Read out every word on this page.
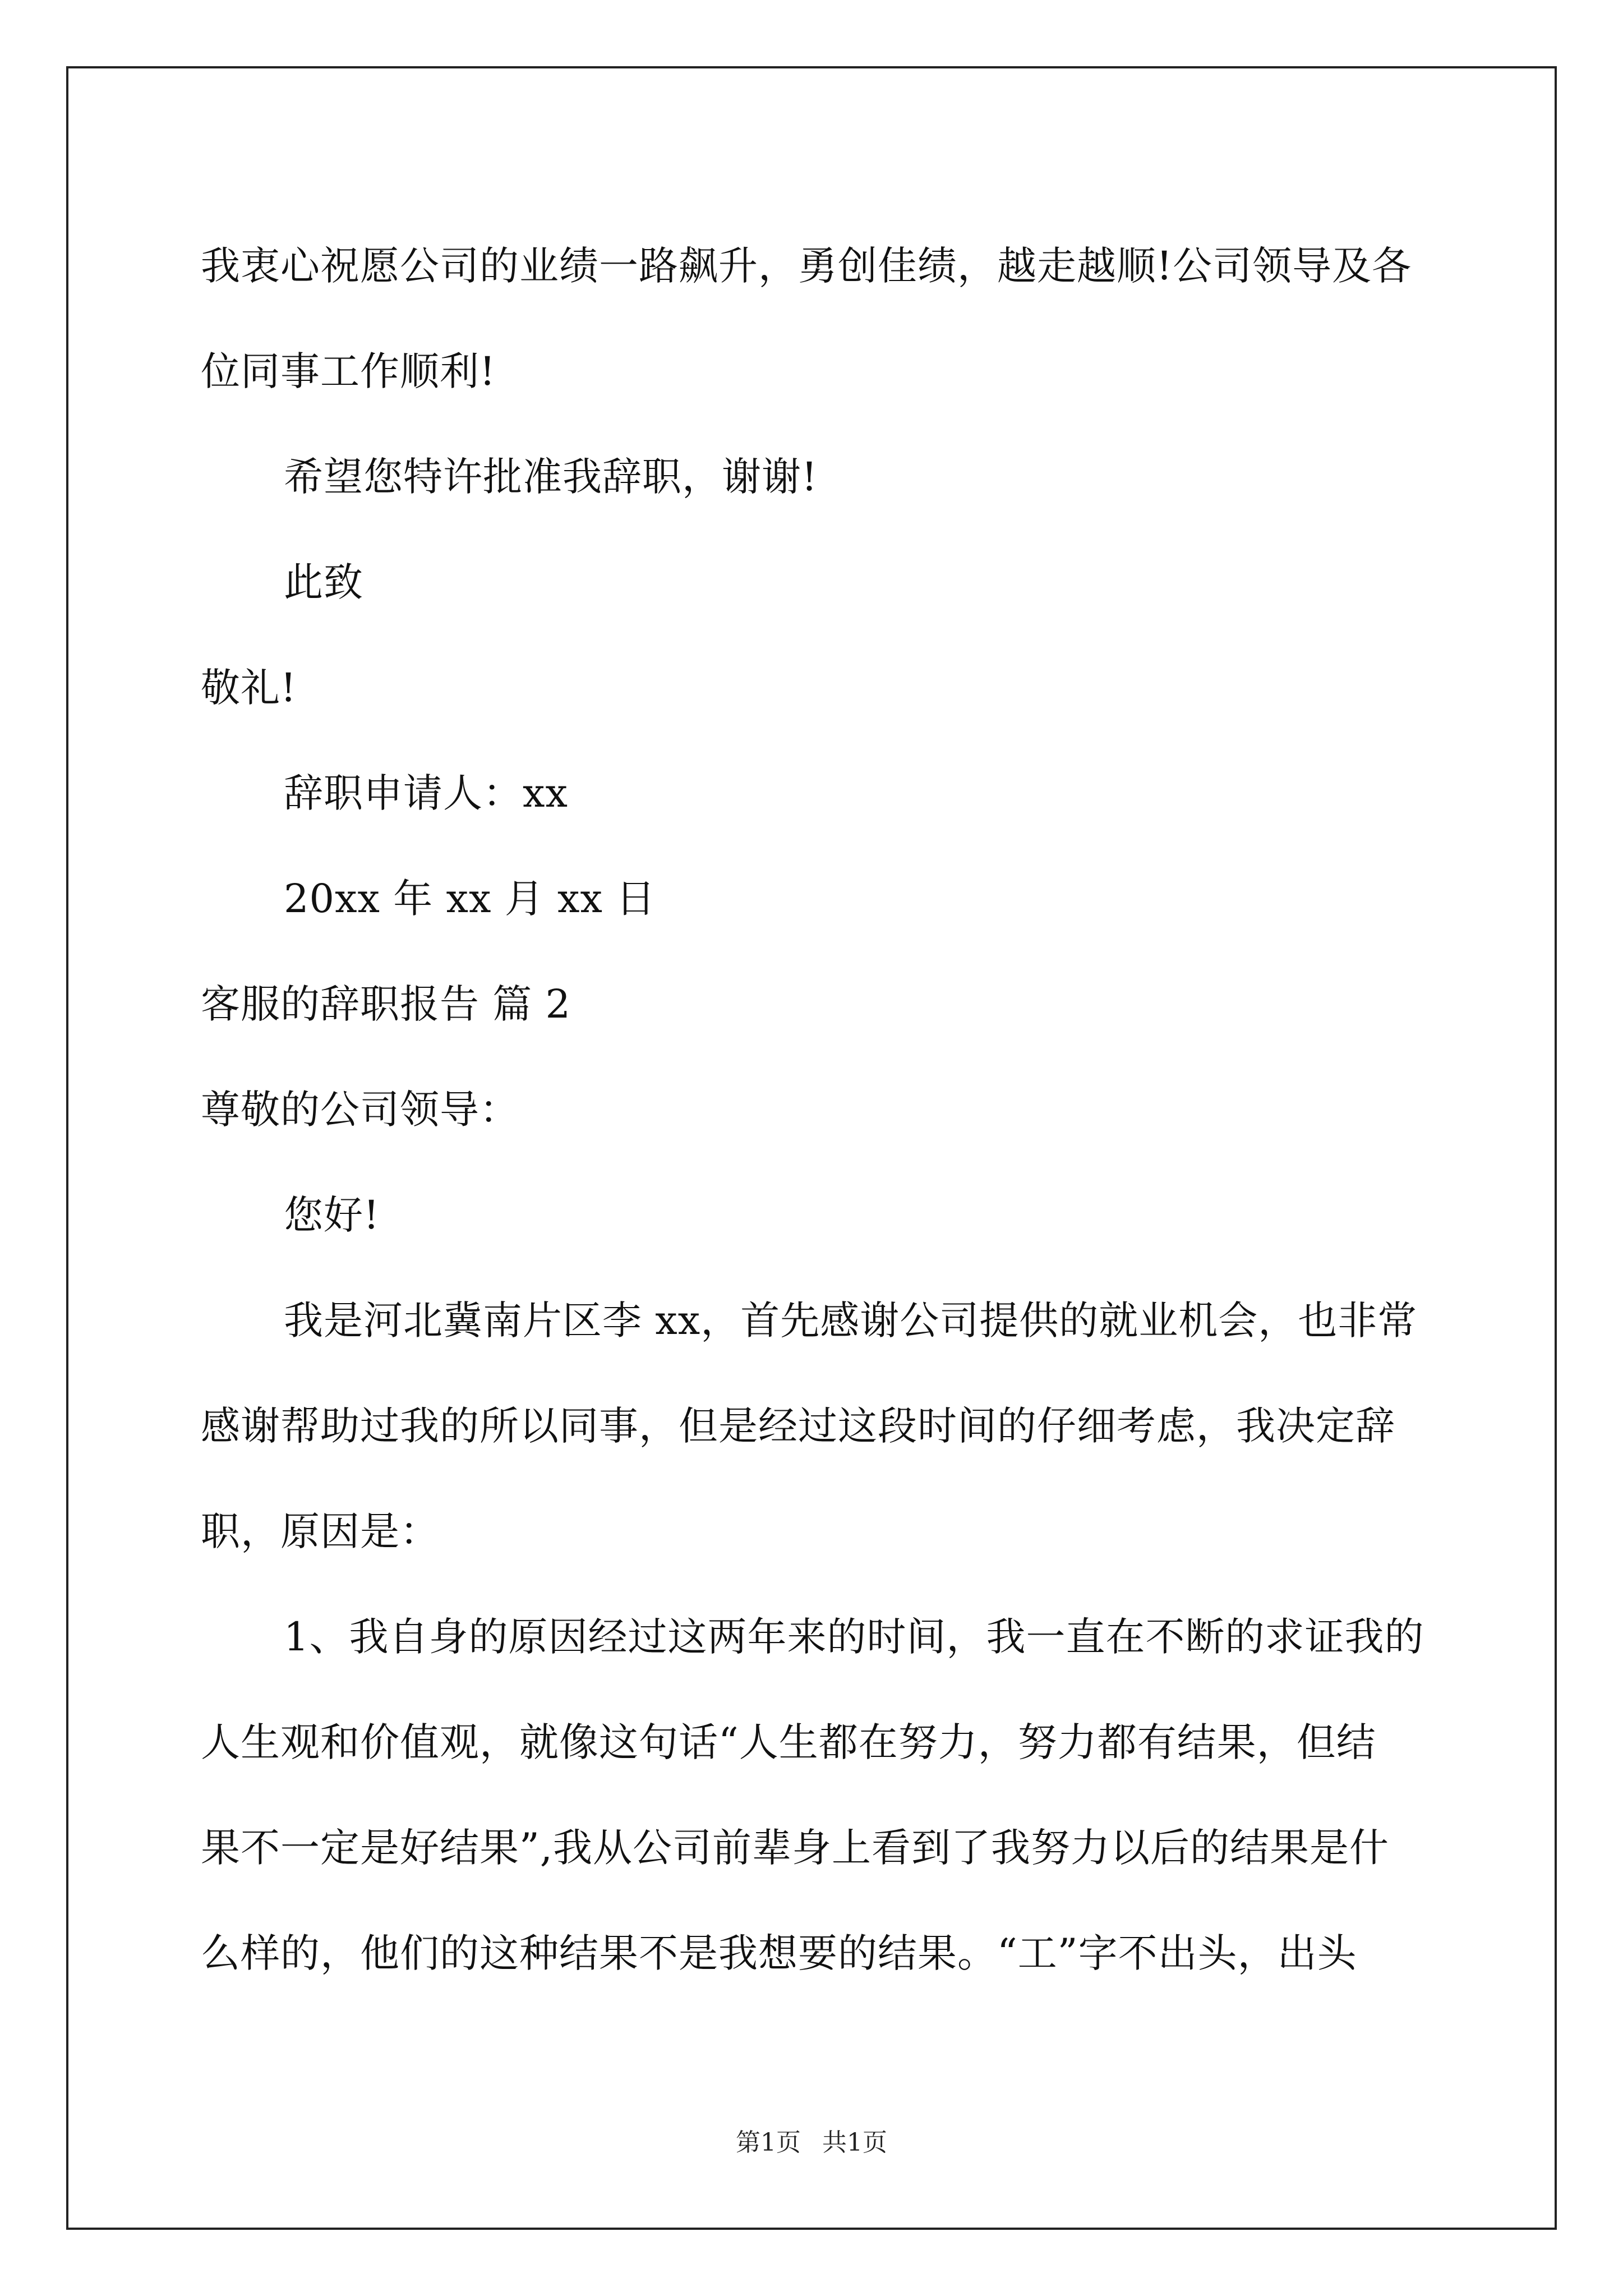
我衷心祝愿公司的业绩一路飙升，勇创佳绩，越走越顺!公司领导及各
位同事工作顺利!
希望您特许批准我辞职，谢谢!
此致
敬礼!
辞职申请人：xx
20xx 年 xx 月 xx 日
客服的辞职报告 篇 2
尊敬的公司领导：
您好!
我是河北冀南片区李 xx，首先感谢公司提供的就业机会，也非常
感谢帮助过我的所以同事，但是经过这段时间的仔细考虑，我决定辞
职，原因是：
1、我自身的原因经过这两年来的时间，我一直在不断的求证我的
人生观和价值观，就像这句话“人生都在努力，努力都有结果，但结
果不一定是好结果”,我从公司前辈身上看到了我努力以后的结果是什
么样的，他们的这种结果不是我想要的结果。“工”字不出头，出头
第1页 共1页
